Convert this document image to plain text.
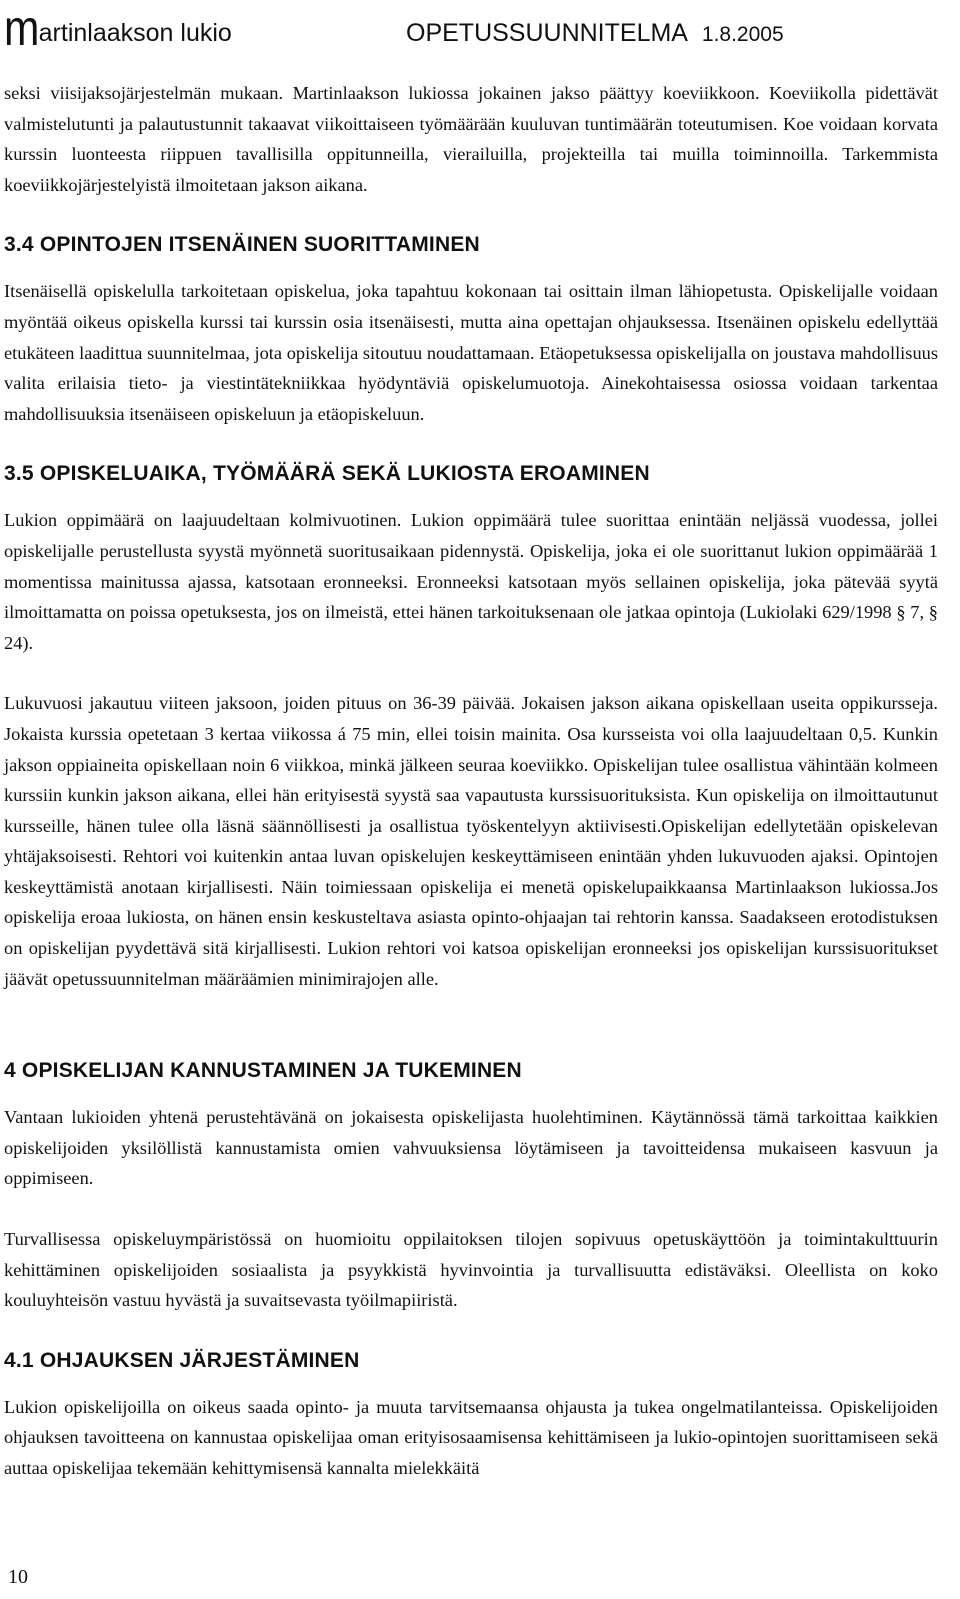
martinlaakson lukio	OPETUSSUUNNITELMA 1.8.2005

seksi viisijaksojärjestelmän mukaan. Martinlaakson lukiossa jokainen jakso päättyy koeviikkoon. Koeviikolla pidettävät valmistelutunti ja palautustunnit takaavat viikoittaiseen työmäärään kuuluvan tuntimäärän toteutumisen. Koe voidaan korvata kurssin luonteesta riippuen tavallisilla oppitunneilla, vierailuilla, projekteilla tai muilla toiminnoilla. Tarkemmista koeviikkojärjestelyistä ilmoitetaan jakson aikana.

3.4 OPINTOJEN ITSENÄINEN SUORITTAMINEN

Itsenäisellä opiskelulla tarkoitetaan opiskelua, joka tapahtuu kokonaan tai osittain ilman lähiopetusta. Opiskelijalle voidaan myöntää oikeus opiskella kurssi tai kurssin osia itsenäisesti, mutta aina opettajan ohjauksessa. Itsenäinen opiskelu edellyttää etukäteen laadittua suunnitelmaa, jota opiskelija sitoutuu noudattamaan. Etäopetuksessa opiskelijalla on joustava mahdollisuus valita erilaisia tieto- ja viestintätekniikkaa hyödyntäviä opiskelumuotoja. Ainekohtaisessa osiossa voidaan tarkentaa mahdollisuuksia itsenäiseen opiskeluun ja etäopiskeluun.

3.5 OPISKELUAIKA, TYÖMÄÄRÄ SEKÄ LUKIOSTA EROAMINEN

Lukion oppimäärä on laajuudeltaan kolmivuotinen. Lukion oppimäärä tulee suorittaa enintään neljässä vuodessa, jollei opiskelijalle perustellusta syystä myönnetä suoritusaikaan pidennystä. Opiskelija, joka ei ole suorittanut lukion oppimäärää 1 momentissa mainitussa ajassa, katsotaan eronneeksi. Eronneeksi katsotaan myös sellainen opiskelija, joka pätevää syytä ilmoittamatta on poissa opetuksesta, jos on ilmeistä, ettei hänen tarkoituksenaan ole jatkaa opintoja (Lukiolaki 629/1998 § 7, § 24).

Lukuvuosi jakautuu viiteen jaksoon, joiden pituus on 36-39 päivää. Jokaisen jakson aikana opiskellaan useita oppikursseja. Jokaista kurssia opetetaan 3 kertaa viikossa á 75 min, ellei toisin mainita. Osa kursseista voi olla laajuudeltaan 0,5. Kunkin jakson oppiaineita opiskellaan noin 6 viikkoa, minkä jälkeen seuraa koeviikko. Opiskelijan tulee osallistua vähintään kolmeen kurssiin kunkin jakson aikana, ellei hän erityisestä syystä saa vapautusta kurssisuorituksista. Kun opiskelija on ilmoittautunut kursseille, hänen tulee olla läsnä säännöllisesti ja osallistua työskentelyyn aktiivisesti.Opiskelijan edellytetään opiskelevan yhtäjaksoisesti. Rehtori voi kuitenkin antaa luvan opiskelujen keskeyttämiseen enintään yhden lukuvuoden ajaksi. Opintojen keskeyttämistä anotaan kirjallisesti. Näin toimiessaan opiskelija ei menetä opiskelupaikkaansa Martinlaakson lukiossa.Jos opiskelija eroaa lukiosta, on hänen ensin keskusteltava asiasta opinto-ohjaajan tai rehtorin kanssa. Saadakseen erotodistuksen on opiskelijan pyydettävä sitä kirjallisesti. Lukion rehtori voi katsoa opiskelijan eronneeksi jos opiskelijan kurssisuoritukset jäävät opetussuunnitelman määräämien minimirajojen alle.

4 OPISKELIJAN KANNUSTAMINEN JA TUKEMINEN

Vantaan lukioiden yhtenä perustehtävänä on jokaisesta opiskelijasta huolehtiminen. Käytännössä tämä tarkoittaa kaikkien opiskelijoiden yksilöllistä kannustamista omien vahvuuksiensa löytämiseen ja tavoitteidensa mukaiseen kasvuun ja oppimiseen.

Turvallisessa opiskeluympäristössä on huomioitu oppilaitoksen tilojen sopivuus opetuskäyttöön ja toimintakulttuurin kehittäminen opiskelijoiden sosiaalista ja psyykkistä hyvinvointia ja turvallisuutta edistäväksi. Oleellista on koko kouluyhteisön vastuu hyvästä ja suvaitsevasta työilmapiiristä.

4.1 OHJAUKSEN JÄRJESTÄMINEN

Lukion opiskelijoilla on oikeus saada opinto- ja muuta tarvitsemaansa ohjausta ja tukea ongelmatilanteissa. Opiskelijoiden ohjauksen tavoitteena on kannustaa opiskelijaa oman erityisosaamisensa kehittämiseen ja lukio-opintojen suorittamiseen sekä auttaa opiskelijaa tekemään kehittymisensä kannalta mielekkäitä

10
